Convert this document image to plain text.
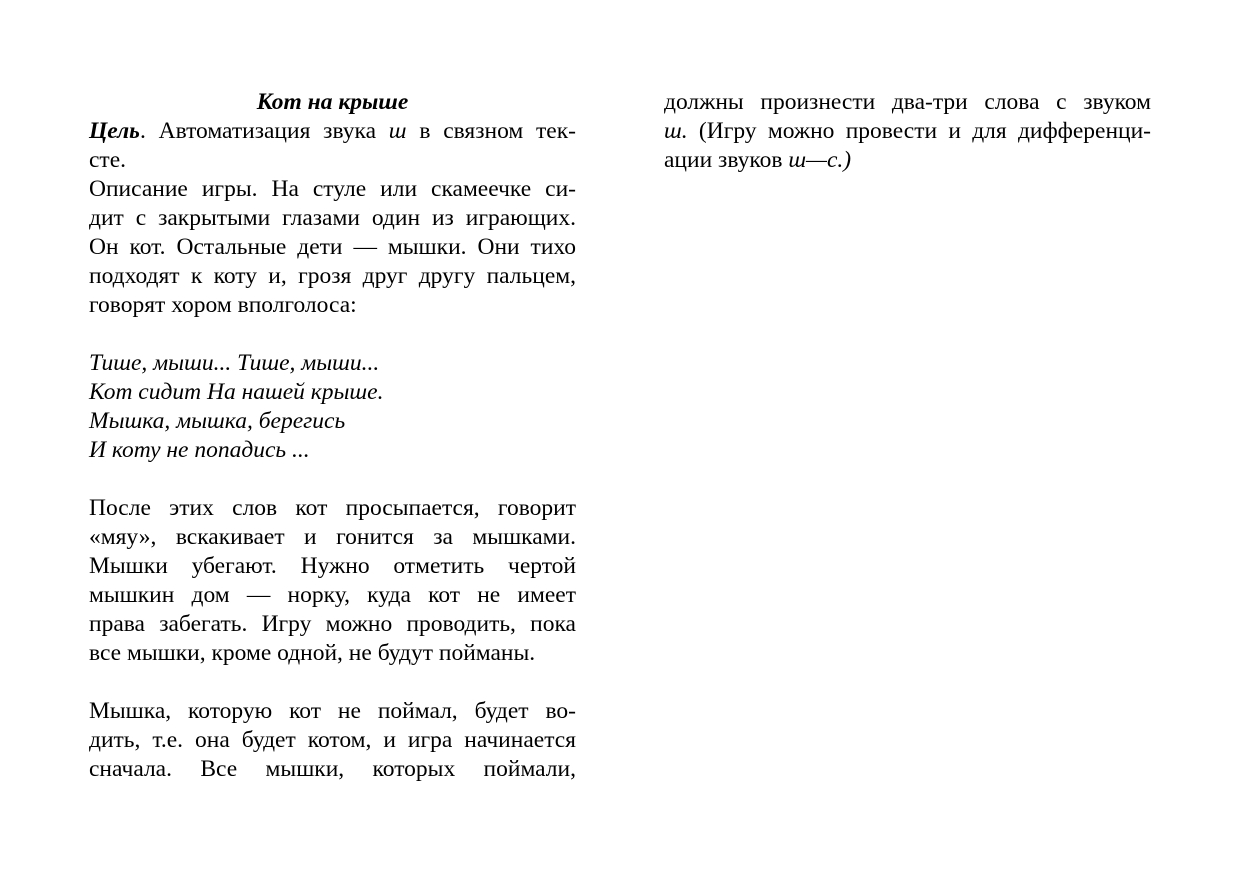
Кот на крыше
Цель. Автоматизация звука ш в связном тек-
сте.
Описание игры. На стуле или скамеечке си-
дит с закрытыми глазами один из играющих.
Он кот. Остальные дети — мышки. Они тихо
подходят к коту и, грозя друг другу пальцем,
говорят хором вполголоса:
Тише, мыши... Тише, мыши...
Кот сидит На нашей крыше.
Мышка, мышка, берегись
И коту не попадись ...
После этих слов кот просыпается, говорит
«мяу», вскакивает и гонится за мышками.
Мышки убегают. Нужно отметить чертой
мышкин дом — норку, куда кот не имеет
права забегать. Игру можно проводить, пока
все мышки, кроме одной, не будут пойманы.
Мышка, которую кот не поймал, будет во-
дить, т.е. она будет котом, и игра начинается
сначала. Все мышки, которых поймали,
должны произнести два-три слова с звуком
ш. (Игру можно провести и для дифференци-
ации звуков ш—с.)
